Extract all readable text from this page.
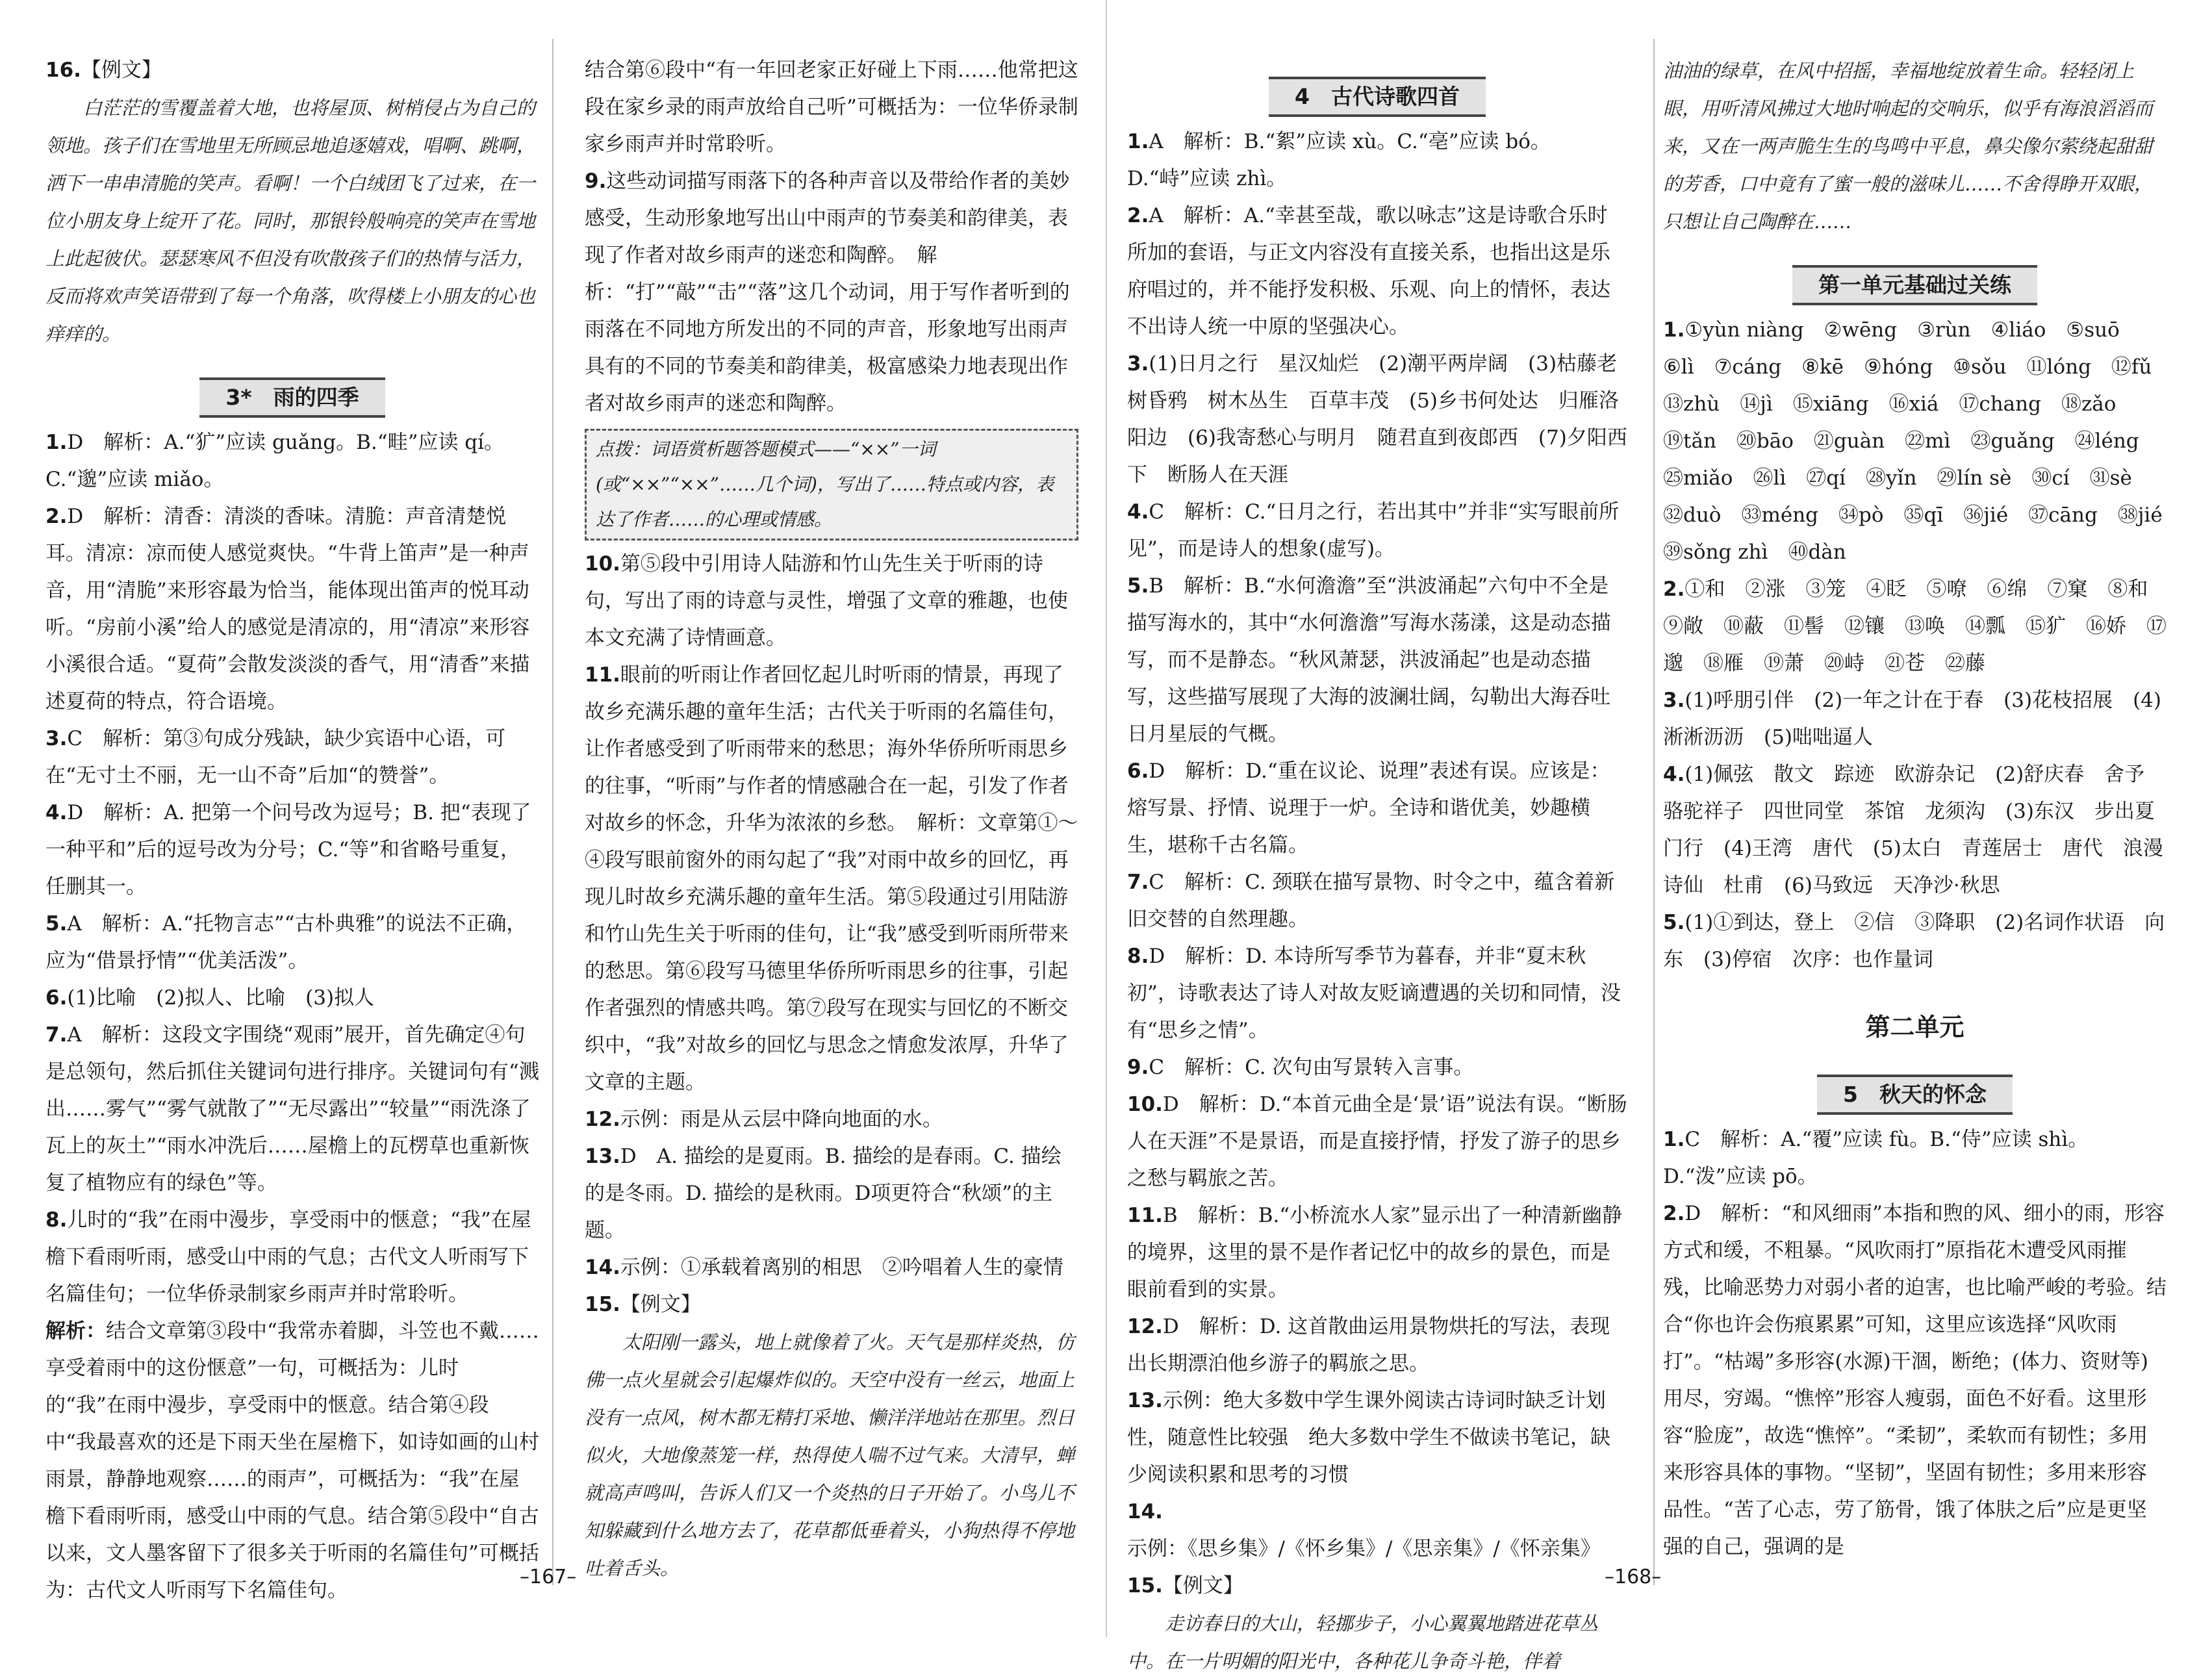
16.【例文】

白茫茫的雪覆盖着大地，也将屋顶、树梢侵占为自己的领地。孩子们在雪地里无所顾忌地追逐嬉戏，唱啊、跳啊，洒下一串串清脆的笑声。看啊！一个白绒团飞了过来，在一位小朋友身上绽开了花。同时，那银铃般响亮的笑声在雪地上此起彼伏。瑟瑟寒风不但没有吹散孩子们的热情与活力，反而将欢声笑语带到了每一个角落，吹得楼上小朋友的心也痒痒的。

3*　雨的四季

1.D　解析：A.“犷”应读 guǎng。B.“畦”应读 qí。C.“邈”应读 miǎo。

2.D　解析：清香：清淡的香味。清脆：声音清楚悦耳。清凉：凉而使人感觉爽快。“牛背上笛声”是一种声音，用“清脆”来形容最为恰当，能体现出笛声的悦耳动听。“房前小溪”给人的感觉是清凉的，用“清凉”来形容小溪很合适。“夏荷”会散发淡淡的香气，用“清香”来描述夏荷的特点，符合语境。

3.C　解析：第③句成分残缺，缺少宾语中心语，可在“无寸土不丽，无一山不奇”后加“的赞誉”。

4.D　解析：A. 把第一个问号改为逗号；B. 把“表现了一种平和”后的逗号改为分号；C.“等”和省略号重复，任删其一。

5.A　解析：A.“托物言志”“古朴典雅”的说法不正确，应为“借景抒情”“优美活泼”。

6.(1)比喻　(2)拟人、比喻　(3)拟人

7.A　解析：这段文字围绕“观雨”展开，首先确定④句是总领句，然后抓住关键词句进行排序。关键词句有“溅出……雾气”“雾气就散了”“无尽露出”“较量”“雨洗涤了瓦上的灰土”“雨水冲洗后……屋檐上的瓦楞草也重新恢复了植物应有的绿色”等。

8.儿时的“我”在雨中漫步，享受雨中的惬意；“我”在屋檐下看雨听雨，感受山中雨的气息；古代文人听雨写下名篇佳句；一位华侨录制家乡雨声并时常聆听。

解析：结合文章第③段中“我常赤着脚，斗笠也不戴……享受着雨中的这份惬意”一句，可概括为：儿时的“我”在雨中漫步，享受雨中的惬意。结合第④段中“我最喜欢的还是下雨天坐在屋檐下，如诗如画的山村雨景，静静地观察……的雨声”，可概括为：“我”在屋檐下看雨听雨，感受山中雨的气息。结合第⑤段中“自古以来，文人墨客留下了很多关于听雨的名篇佳句”可概括为：古代文人听雨写下名篇佳句。

结合第⑥段中“有一年回老家正好碰上下雨……他常把这段在家乡录的雨声放给自己听”可概括为：一位华侨录制家乡雨声并时常聆听。

9.这些动词描写雨落下的各种声音以及带给作者的美妙感受，生动形象地写出山中雨声的节奏美和韵律美，表现了作者对故乡雨声的迷恋和陶醉。　解析：“打”“敲”“击”“落”这几个动词，用于写作者听到的雨落在不同地方所发出的不同的声音，形象地写出雨声具有的不同的节奏美和韵律美，极富感染力地表现出作者对故乡雨声的迷恋和陶醉。

点拨：词语赏析题答题模式——“××”一词(或“××”“××”……几个词)，写出了……特点或内容，表达了作者……的心理或情感。

10.第⑤段中引用诗人陆游和竹山先生关于听雨的诗句，写出了雨的诗意与灵性，增强了文章的雅趣，也使本文充满了诗情画意。

11.眼前的听雨让作者回忆起儿时听雨的情景，再现了故乡充满乐趣的童年生活；古代关于听雨的名篇佳句，让作者感受到了听雨带来的愁思；海外华侨所听雨思乡的往事，“听雨”与作者的情感融合在一起，引发了作者对故乡的怀念，升华为浓浓的乡愁。　解析：文章第①～④段写眼前窗外的雨勾起了“我”对雨中故乡的回忆，再现儿时故乡充满乐趣的童年生活。第⑤段通过引用陆游和竹山先生关于听雨的佳句，让“我”感受到听雨所带来的愁思。第⑥段写马德里华侨所听雨思乡的往事，引起作者强烈的情感共鸣。第⑦段写在现实与回忆的不断交织中，“我”对故乡的回忆与思念之情愈发浓厚，升华了文章的主题。

12.示例：雨是从云层中降向地面的水。

13.D　A. 描绘的是夏雨。B. 描绘的是春雨。C. 描绘的是冬雨。D. 描绘的是秋雨。D项更符合“秋颂”的主题。

14.示例：①承载着离别的相思　②吟唱着人生的豪情

15.【例文】

太阳刚一露头，地上就像着了火。天气是那样炎热，仿佛一点火星就会引起爆炸似的。天空中没有一丝云，地面上没有一点风，树木都无精打采地、懒洋洋地站在那里。烈日似火，大地像蒸笼一样，热得使人喘不过气来。大清早，蝉就高声鸣叫，告诉人们又一个炎热的日子开始了。小鸟儿不知躲藏到什么地方去了，花草都低垂着头，小狗热得不停地吐着舌头。

4　古代诗歌四首

1.A　解析：B.“絮”应读 xù。C.“亳”应读 bó。D.“峙”应读 zhì。

2.A　解析：A.“幸甚至哉，歌以咏志”这是诗歌合乐时所加的套语，与正文内容没有直接关系，也指出这是乐府唱过的，并不能抒发积极、乐观、向上的情怀，表达不出诗人统一中原的坚强决心。

3.(1)日月之行　星汉灿烂　(2)潮平两岸阔　(3)枯藤老树昏鸦　树木丛生　百草丰茂　(5)乡书何处达　归雁洛阳边　(6)我寄愁心与明月　随君直到夜郎西　(7)夕阳西下　断肠人在天涯

4.C　解析：C.“日月之行，若出其中”并非“实写眼前所见”，而是诗人的想象(虚写)。

5.B　解析：B.“水何澹澹”至“洪波涌起”六句中不全是描写海水的，其中“水何澹澹”写海水荡漾，这是动态描写，而不是静态。“秋风萧瑟，洪波涌起”也是动态描写，这些描写展现了大海的波澜壮阔，勾勒出大海吞吐日月星辰的气概。

6.D　解析：D.“重在议论、说理”表述有误。应该是：熔写景、抒情、说理于一炉。全诗和谐优美，妙趣横生，堪称千古名篇。

7.C　解析：C. 颈联在描写景物、时令之中，蕴含着新旧交替的自然理趣。

8.D　解析：D. 本诗所写季节为暮春，并非“夏末秋初”，诗歌表达了诗人对故友贬谪遭遇的关切和同情，没有“思乡之情”。

9.C　解析：C. 次句由写景转入言事。

10.D　解析：D.“本首元曲全是‘景’语”说法有误。“断肠人在天涯”不是景语，而是直接抒情，抒发了游子的思乡之愁与羁旅之苦。

11.B　解析：B.“小桥流水人家”显示出了一种清新幽静的境界，这里的景不是作者记忆中的故乡的景色，而是眼前看到的实景。

12.D　解析：D. 这首散曲运用景物烘托的写法，表现出长期漂泊他乡游子的羁旅之思。

13.示例：绝大多数中学生课外阅读古诗词时缺乏计划性，随意性比较强　绝大多数中学生不做读书笔记，缺少阅读积累和思考的习惯

14.示例：《思乡集》/《怀乡集》/《思亲集》/《怀亲集》

15.【例文】

走访春日的大山，轻挪步子，小心翼翼地踏进花草丛中。在一片明媚的阳光中，各种花儿争奇斗艳，伴着

油油的绿草，在风中招摇，幸福地绽放着生命。轻轻闭上眼，用听清风拂过大地时响起的交响乐，似乎有海浪滔滔而来，又在一两声脆生生的鸟鸣中平息，鼻尖像尔萦绕起甜甜的芳香，口中竟有了蜜一般的滋味儿……不舍得睁开双眼，只想让自己陶醉在……

第一单元基础过关练

1.①yùn niàng　②wēng　③rùn　④liáo　⑤suō　⑥lì　⑦cáng　⑧kē　⑨hóng　⑩sǒu　⑪lóng　⑫fǔ　⑬zhù　⑭jì　⑮xiāng　⑯xiá　⑰chang　⑱zǎo　⑲tǎn　⑳bāo　㉑guàn　㉒mì　㉓guǎng　㉔léng　㉕miǎo　㉖lì　㉗qí　㉘yǐn　㉙lín sè　㉚cí　㉛sè　㉜duò　㉝méng　㉞pò　㉟qī　㊱jié　㊲cāng　㊳jié　㊴sǒng zhì　㊵dàn

2.①和　②涨　③笼　④眨　⑤嘹　⑥绵　⑦窠　⑧和　⑨敞　⑩蔽　⑪髻　⑫镶　⑬唤　⑭瓢　⑮犷　⑯娇　⑰邈　⑱雁　⑲萧　⑳峙　㉑苍　㉒藤

3.(1)呼朋引伴　(2)一年之计在于春　(3)花枝招展　(4)淅淅沥沥　(5)咄咄逼人

4.(1)佩弦　散文　踪迹　欧游杂记　(2)舒庆春　舍予　骆驼祥子　四世同堂　茶馆　龙须沟　(3)东汉　步出夏门行　(4)王湾　唐代　(5)太白　青莲居士　唐代　浪漫　诗仙　杜甫　(6)马致远　天净沙·秋思

5.(1)①到达，登上　②信　③降职　(2)名词作状语　向东　(3)停宿　次序：也作量词

第二单元
5　秋天的怀念

1.C　解析：A.“覆”应读 fù。B.“侍”应读 shì。D.“泼”应读 pō。

2.D　解析：“和风细雨”本指和煦的风、细小的雨，形容方式和缓，不粗暴。“风吹雨打”原指花木遭受风雨摧残，比喻恶势力对弱小者的迫害，也比喻严峻的考验。结合“你也许会伤痕累累”可知，这里应该选择“风吹雨打”。“枯竭”多形容(水源)干涸，断绝；(体力、资财等)用尽，穷竭。“憔悴”形容人瘦弱，面色不好看。这里形容“脸庞”，故选“憔悴”。“柔韧”，柔软而有韧性；多用来形容具体的事物。“坚韧”，坚固有韧性；多用来形容品性。“苦了心志，劳了筋骨，饿了体肤之后”应是更坚强的自己，强调的是

–167–	–168–
